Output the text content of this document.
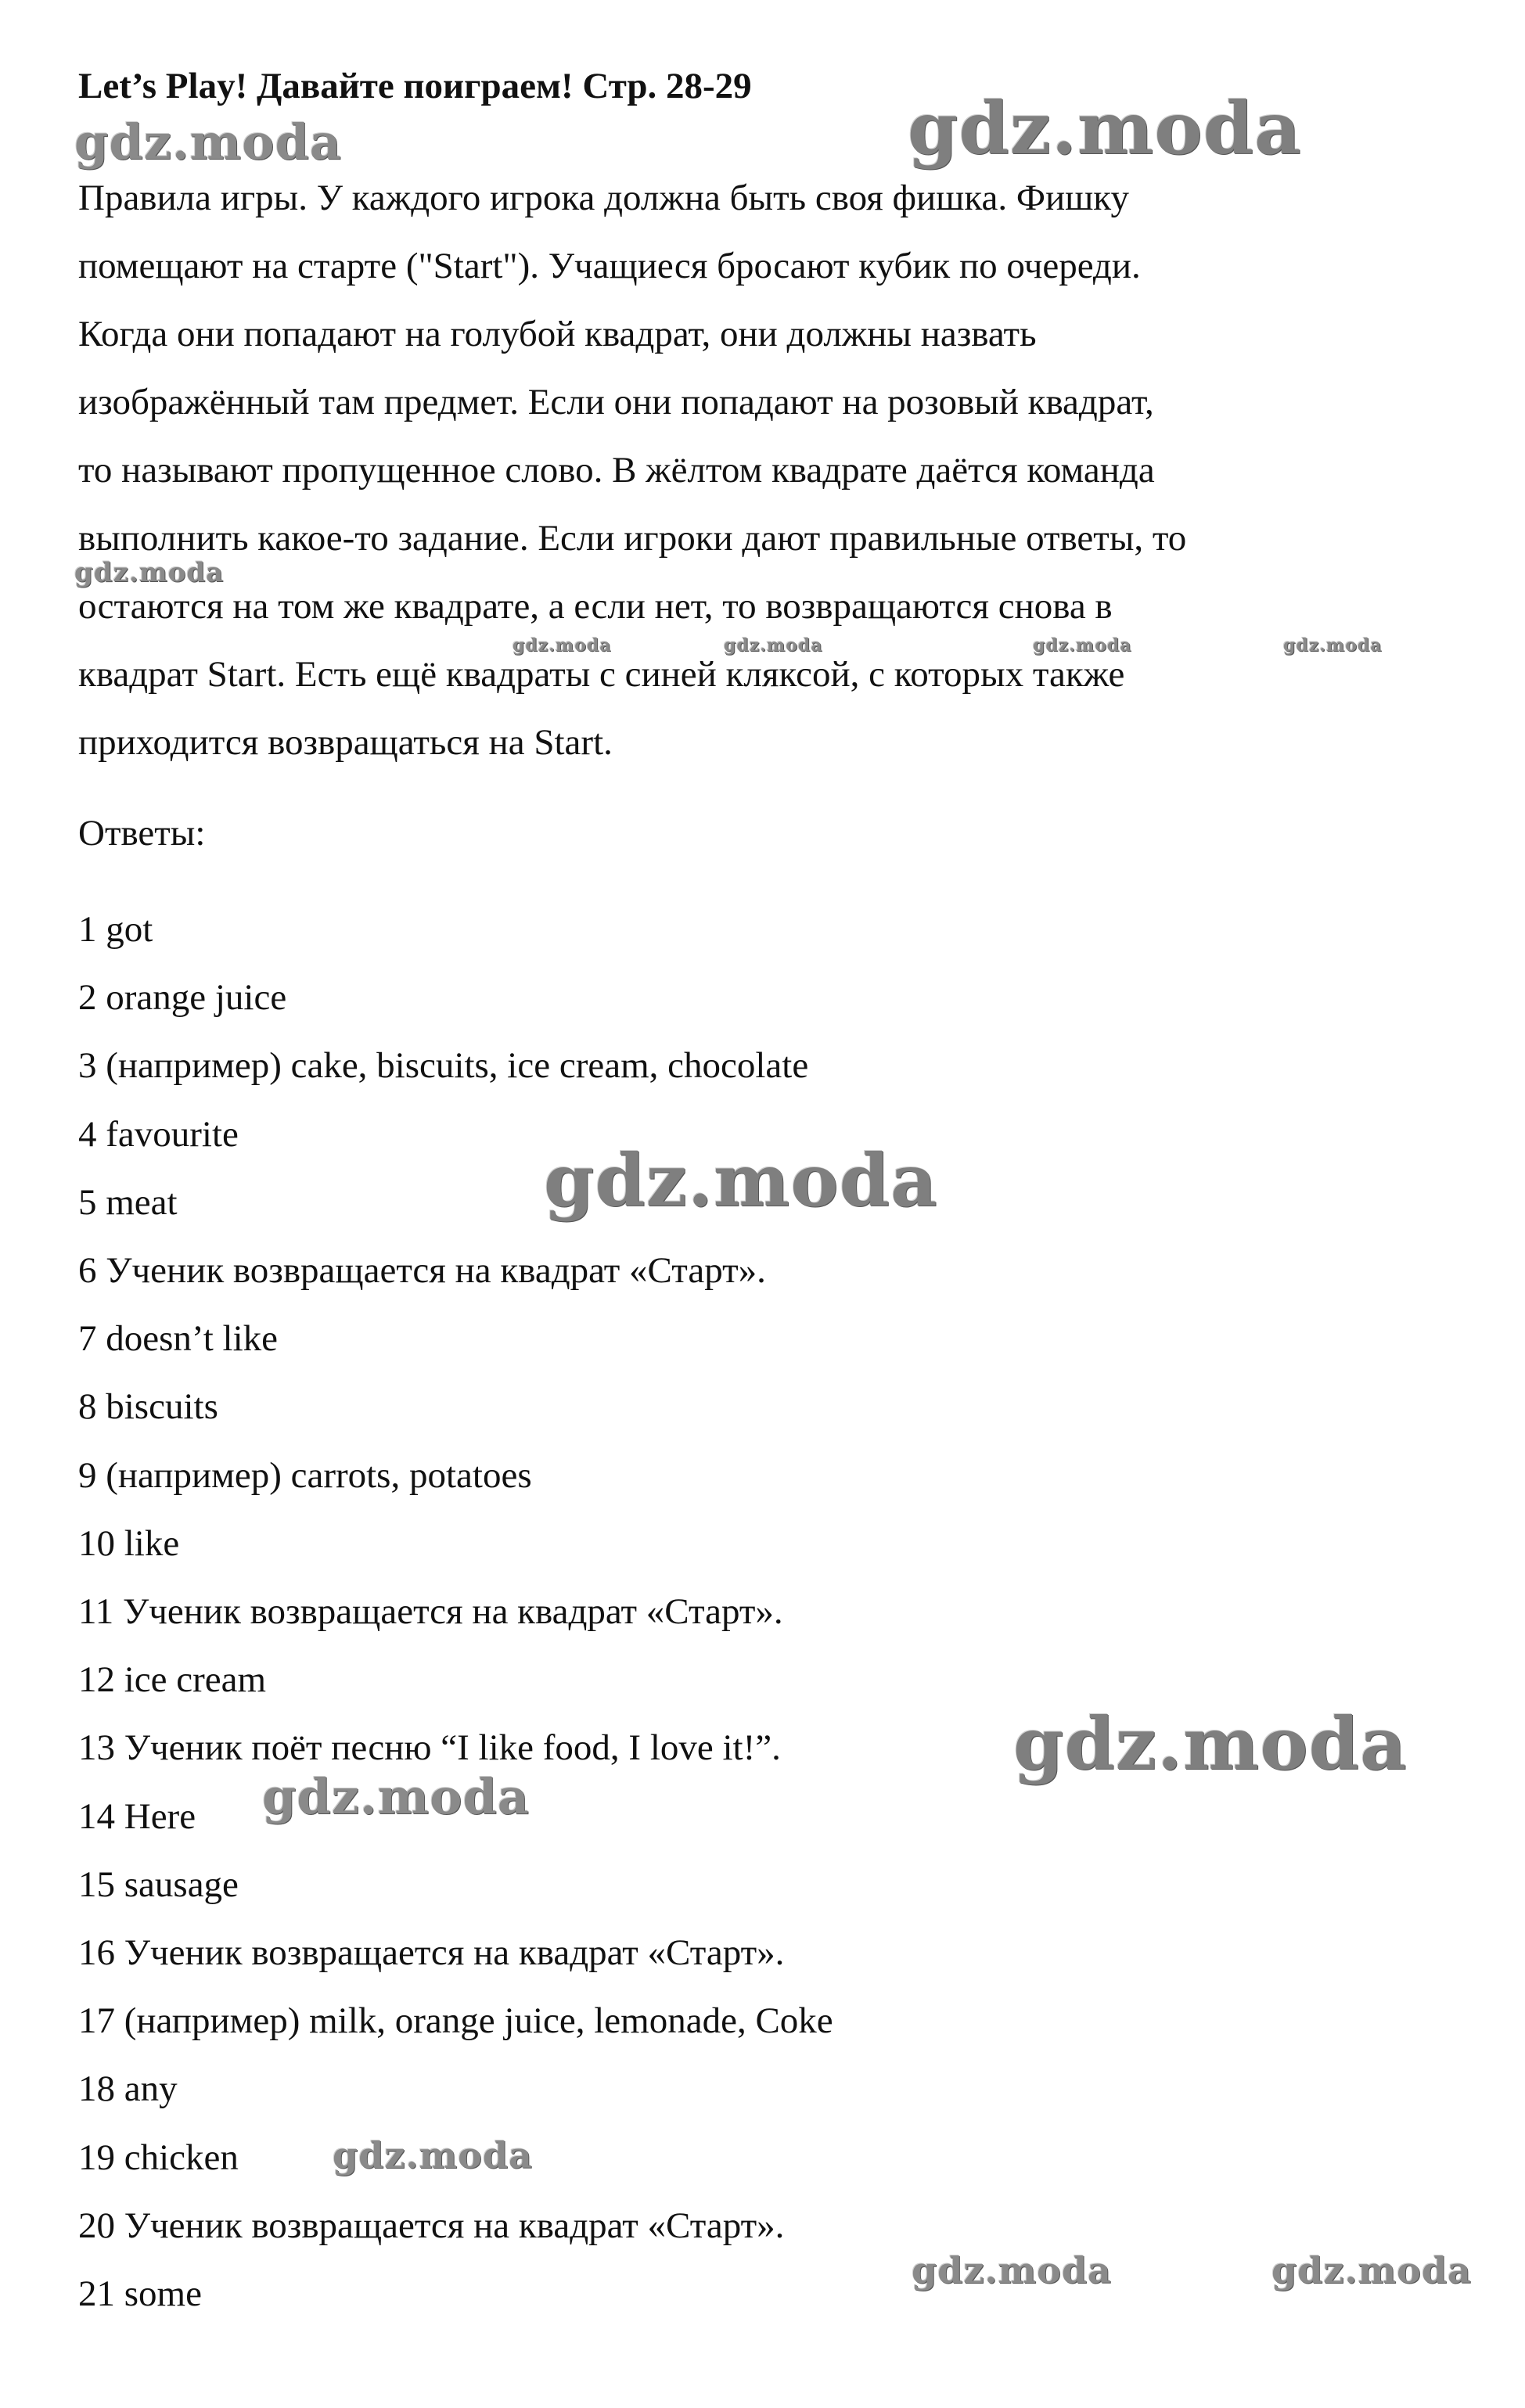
Let’s Play! Давайте поиграем! Стр. 28-29
Правила игры. У каждого игрока должна быть своя фишка. Фишку
помещают на старте ("Start"). Учащиеся бросают кубик по очереди.
Когда они попадают на голубой квадрат, они должны назвать
изображённый там предмет. Если они попадают на розовый квадрат,
то называют пропущенное слово. В жёлтом квадрате даётся команда
выполнить какое-то задание. Если игроки дают правильные ответы, то
остаются на том же квадрате, а если нет, то возвращаются снова в
квадрат Start. Есть ещё квадраты с синей кляксой, с которых также
приходится возвращаться на Start.
Ответы:
1 got
2 orange juice
3 (например) cake, biscuits, ice cream, chocolate
4 favourite
5 meat
6 Ученик возвращается на квадрат «Старт».
7 doesn’t like
8 biscuits
9 (например) carrots, potatoes
10 like
11 Ученик возвращается на квадрат «Старт».
12 ice cream
13 Ученик поёт песню “I like food, I love it!”.
14 Here
15 sausage
16 Ученик возвращается на квадрат «Старт».
17 (например) milk, orange juice, lemonade, Coke
18 any
19 chicken
20 Ученик возвращается на квадрат «Старт».
21 some
gdz.moda	gdz.moda
gdz.moda
gdz.moda	gdz.moda	gdz.moda	gdz.moda
gdz.moda
gdz.moda
gdz.moda
gdz.moda
gdz.moda	gdz.moda
